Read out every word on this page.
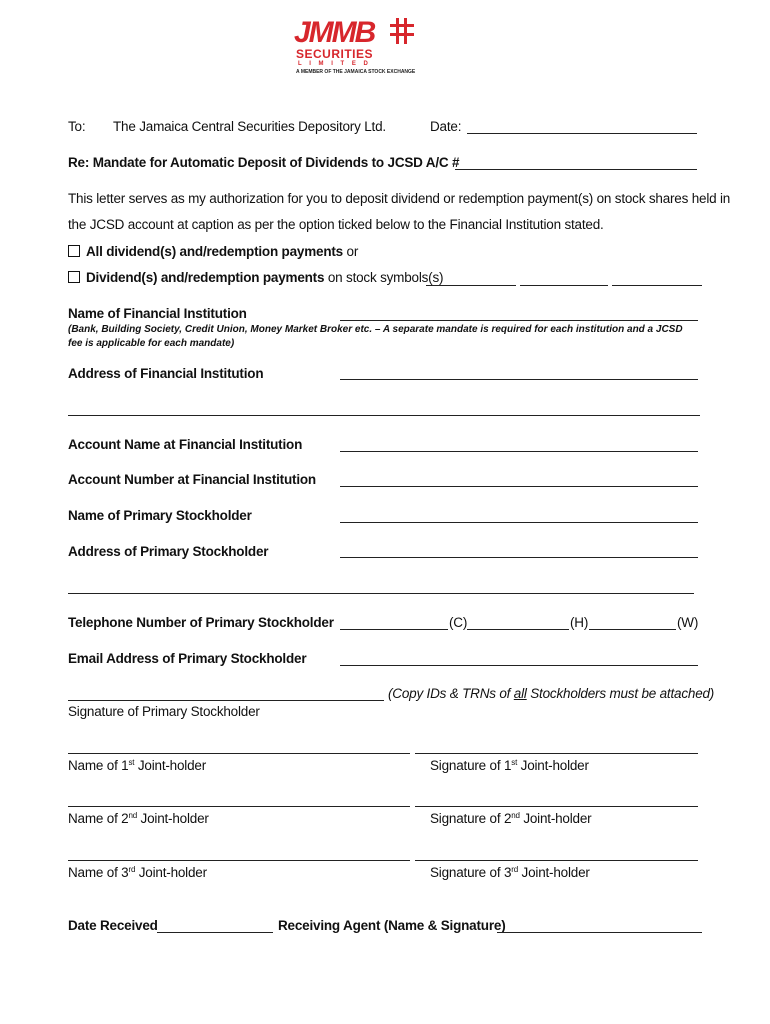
JMMB
SECURITIES
L I M I T E D
A MEMBER OF THE JAMAICA STOCK EXCHANGE
To: The Jamaica Central Securities Depository Ltd.	Date:
Re: Mandate for Automatic Deposit of Dividends to JCSD A/C #
This letter serves as my authorization for you to deposit dividend or redemption payment(s) on stock shares held in
the JCSD account at caption as per the option ticked below to the Financial Institution stated.
All dividend(s) and/redemption payments or
Dividend(s) and/redemption payments on stock symbols(s)
Name of Financial Institution
(Bank, Building Society, Credit Union, Money Market Broker etc. – A separate mandate is required for each institution and a JCSD fee is applicable for each mandate)
Address of Financial Institution
Account Name at Financial Institution
Account Number at Financial Institution
Name of Primary Stockholder
Address of Primary Stockholder
Telephone Number of Primary Stockholder	(C)	(H)	(W)
Email Address of Primary Stockholder
(Copy IDs & TRNs of all Stockholders must be attached)
Signature of Primary Stockholder
Name of 1st Joint-holder	Signature of 1st Joint-holder
Name of 2nd Joint-holder	Signature of 2nd Joint-holder
Name of 3rd Joint-holder	Signature of 3rd Joint-holder
Date Received	Receiving Agent (Name & Signature)
